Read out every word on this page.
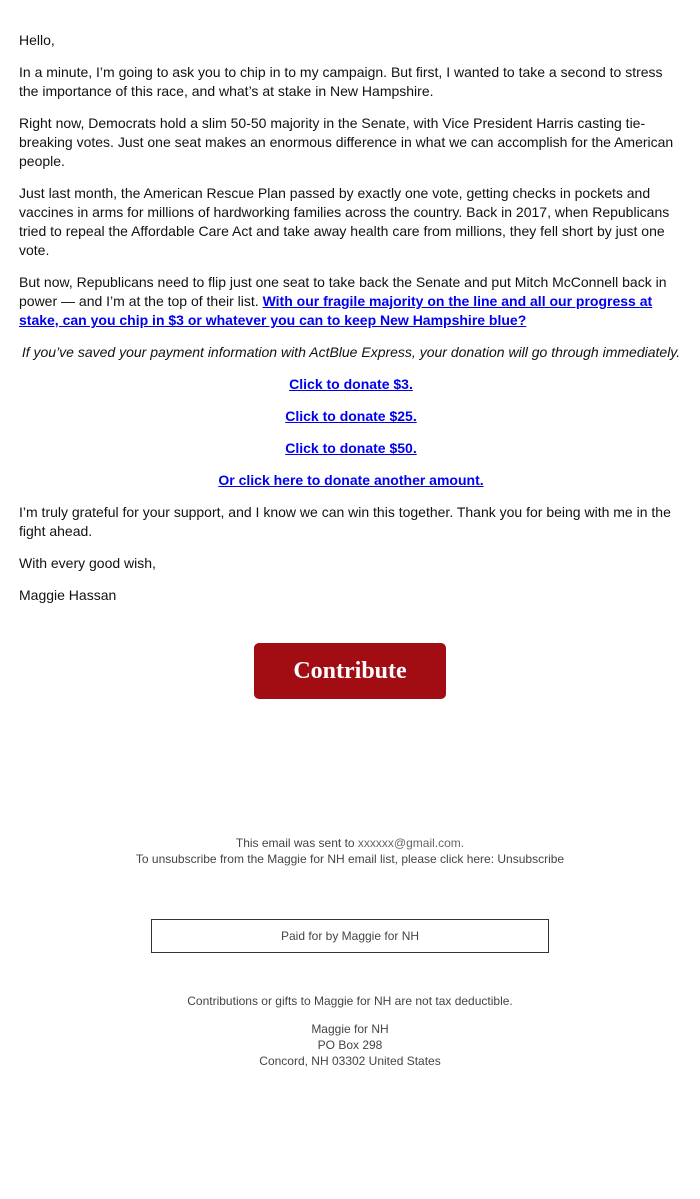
Hello,

In a minute, I’m going to ask you to chip in to my campaign. But first, I wanted to take a second to stress the importance of this race, and what’s at stake in New Hampshire.

Right now, Democrats hold a slim 50-50 majority in the Senate, with Vice President Harris casting tie-breaking votes. Just one seat makes an enormous difference in what we can accomplish for the American people.

Just last month, the American Rescue Plan passed by exactly one vote, getting checks in pockets and vaccines in arms for millions of hardworking families across the country. Back in 2017, when Republicans tried to repeal the Affordable Care Act and take away health care from millions, they fell short by just one vote.

But now, Republicans need to flip just one seat to take back the Senate and put Mitch McConnell back in power — and I’m at the top of their list. With our fragile majority on the line and all our progress at stake, can you chip in $3 or whatever you can to keep New Hampshire blue?

If you’ve saved your payment information with ActBlue Express, your donation will go through immediately.

Click to donate $3.
Click to donate $25.
Click to donate $50.
Or click here to donate another amount.

I’m truly grateful for your support, and I know we can win this together. Thank you for being with me in the fight ahead.

With every good wish,

Maggie Hassan

Contribute
This email was sent to xxxxxx@gmail.com.
To unsubscribe from the Maggie for NH email list, please click here: Unsubscribe
Paid for by Maggie for NH
Contributions or gifts to Maggie for NH are not tax deductible.
Maggie for NH
PO Box 298
Concord, NH 03302 United States
